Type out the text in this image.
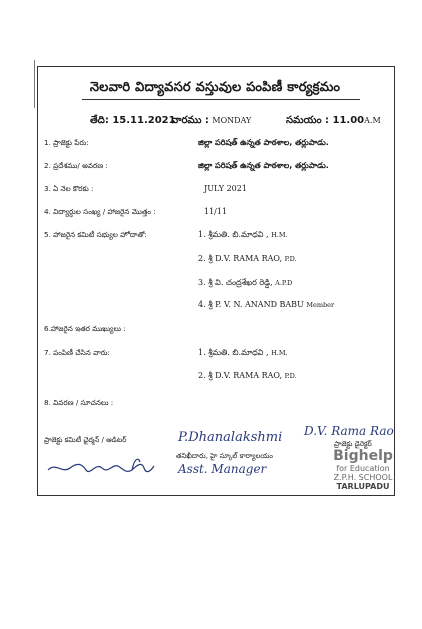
నెలవారి విద్యావసర వస్తువుల పంపిణీ కార్యక్రమం
తేది: 15.11.2021
వారము : MONDAY	సమయం : 11.00A.M
1. ప్రాజెక్టు పేరు:	జిల్లా పరిషత్ ఉన్నత పాఠశాల, తర్లుపాడు.
2. ప్రదేశము/ అవరణ :	జిల్లా పరిషత్ ఉన్నత పాఠశాల, తర్లుపాడు.
3. ఏ నెల కొరకు :	JULY 2021
4. విద్యార్థుల సంఖ్య / హాజరైన మొత్తం :	11/11
5. హాజరైన కమిటీ సభ్యుల హోదాతో:	1. శ్రీమతి. బి.మాధవి , H.M.
2. శ్రీ D.V. RAMA RAO, P.D.
3. శ్రీ వి. చంద్రశేఖర రెడ్డి, A.P.D
4. శ్రీ P. V. N. ANAND BABU Member
6.హాజరైన ఇతర ముఖ్యులు :
7. పంపిణీ చేసిన వారు:	1. శ్రీమతి. బి.మాధవి , H.M.
2. శ్రీ D.V. RAMA RAO, P.D.
8. వివరణ / సూచనలు :
ప్రాజెక్టు కమిటీ ఛైర్మన్ / ఆడిటర్	P.Dhanalakshmi
తనిఖీదారు, హై స్కూల్ కార్యాలయం
Asst. Manager
D.V. Rama Rao
ప్రాజెక్టు డైరెక్టర్
Bighelp
for Education
Z.P.H. SCHOOL
TARLUPADU
